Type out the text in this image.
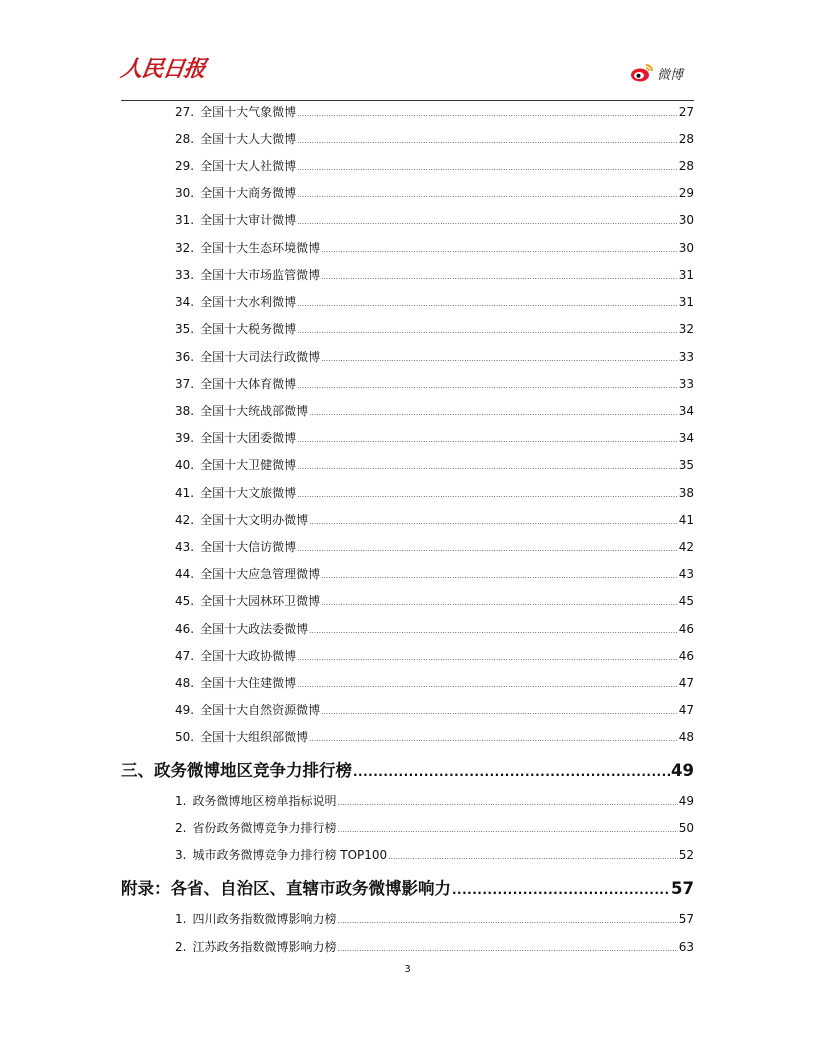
人民日报	微博
27. 全国十大气象微博 .....	27
28. 全国十大人大微博 .....	28
29. 全国十大人社微博 .....	28
30. 全国十大商务微博 .....	29
31. 全国十大审计微博 .....	30
32. 全国十大生态环境微博 .....	30
33. 全国十大市场监管微博 .....	31
34. 全国十大水利微博 .....	31
35. 全国十大税务微博 .....	32
36. 全国十大司法行政微博 .....	33
37. 全国十大体育微博 .....	33
38. 全国十大统战部微博 .....	34
39. 全国十大团委微博 .....	34
40. 全国十大卫健微博 .....	35
41. 全国十大文旅微博 .....	38
42. 全国十大文明办微博 .....	41
43. 全国十大信访微博 .....	42
44. 全国十大应急管理微博 .....	43
45. 全国十大园林环卫微博 .....	45
46. 全国十大政法委微博 .....	46
47. 全国十大政协微博 .....	46
48. 全国十大住建微博 .....	47
49. 全国十大自然资源微博 .....	47
50. 全国十大组织部微博 .....	48
三、政务微博地区竞争力排行榜 .....	49
1. 政务微博地区榜单指标说明 .....	49
2. 省份政务微博竞争力排行榜 .....	50
3. 城市政务微博竞争力排行榜 TOP100 .....	52
附录：各省、自治区、直辖市政务微博影响力 .....	57
1. 四川政务指数微博影响力榜 .....	57
2. 江苏政务指数微博影响力榜 .....	63
3
